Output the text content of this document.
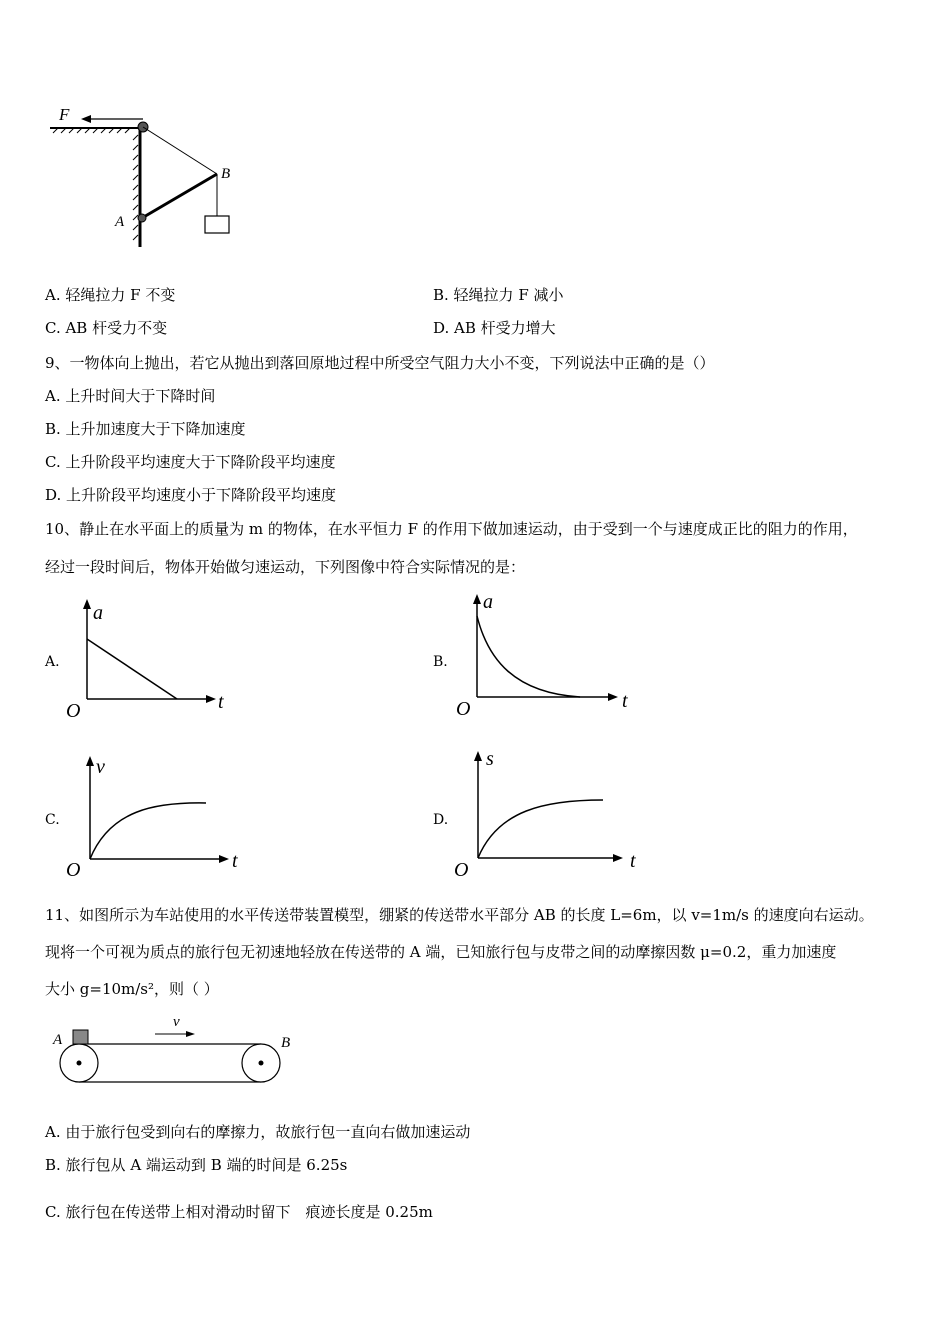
F
B
A
A. 轻绳拉力 F 不变	B. 轻绳拉力 F 减小
C. AB 杆受力不变	D. AB 杆受力增大
9、一物体向上抛出，若它从抛出到落回原地过程中所受空气阻力大小不变，下列说法中正确的是（）
A. 上升时间大于下降时间
B. 上升加速度大于下降加速度
C. 上升阶段平均速度大于下降阶段平均速度
D. 上升阶段平均速度小于下降阶段平均速度
10、静止在水平面上的质量为 m 的物体，在水平恒力 F 的作用下做加速运动，由于受到一个与速度成正比的阻力的作用，
经过一段时间后，物体开始做匀速运动，下列图像中符合实际情况的是：
A.
a
t
O
B.
a
t
O
C.
v
t
O
D.
s
t
O
11、如图所示为车站使用的水平传送带装置模型，绷紧的传送带水平部分 AB 的长度 L=6m，以 v=1m/s 的速度向右运动。
现将一个可视为质点的旅行包无初速地轻放在传送带的 A 端，已知旅行包与皮带之间的动摩擦因数 μ=0.2，重力加速度
大小 g=10m/s²，则（ ）
v
A	B
A. 由于旅行包受到向右的摩擦力，故旅行包一直向右做加速运动
B. 旅行包从 A 端运动到 B 端的时间是 6.25s
C. 旅行包在传送带上相对滑动时留下　痕迹长度是 0.25m
